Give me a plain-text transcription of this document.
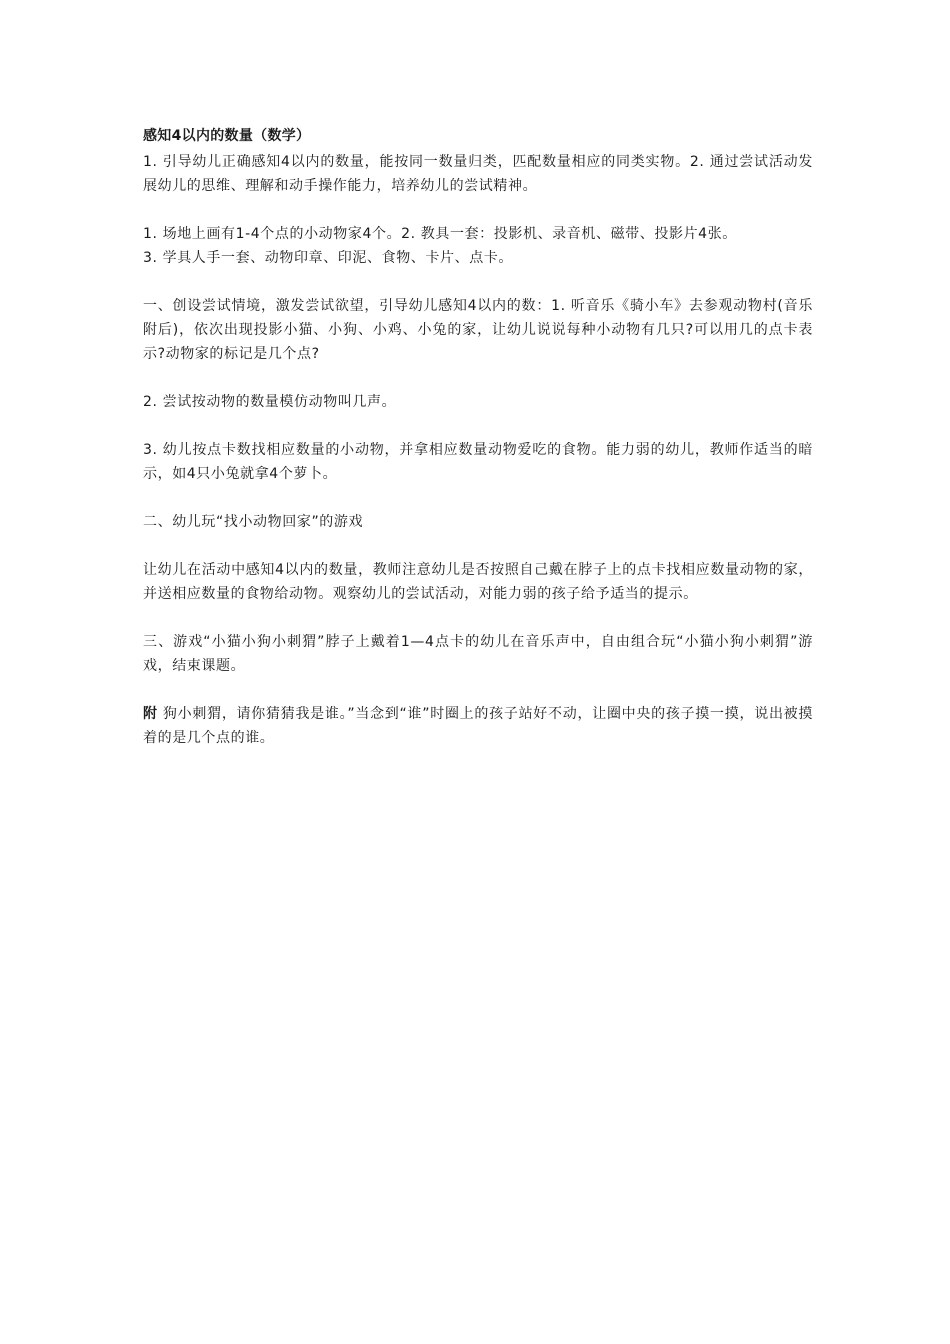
感知4以内的数量（数学）

1. 引导幼儿正确感知4以内的数量，能按同一数量归类，匹配数量相应的同类实物。2. 通过尝试活动发展幼儿的思维、理解和动手操作能力，培养幼儿的尝试精神。

1. 场地上画有1-4个点的小动物家4个。2. 教具一套：投影机、录音机、磁带、投影片4张。

3. 学具人手一套、动物印章、印泥、食物、卡片、点卡。

一、创设尝试情境，激发尝试欲望，引导幼儿感知4以内的数：1. 听音乐《骑小车》去参观动物村(音乐附后)，依次出现投影小猫、小狗、小鸡、小兔的家，让幼儿说说每种小动物有几只?可以用几的点卡表示?动物家的标记是几个点?

2. 尝试按动物的数量模仿动物叫几声。

3. 幼儿按点卡数找相应数量的小动物，并拿相应数量动物爱吃的食物。能力弱的幼儿，教师作适当的暗示，如4只小兔就拿4个萝卜。

二、幼儿玩“找小动物回家”的游戏

让幼儿在活动中感知4以内的数量，教师注意幼儿是否按照自己戴在脖子上的点卡找相应数量动物的家，并送相应数量的食物给动物。观察幼儿的尝试活动，对能力弱的孩子给予适当的提示。

三、游戏“小猫小狗小刺猬”脖子上戴着1—4点卡的幼儿在音乐声中，自由组合玩“小猫小狗小刺猬”游戏，结束课题。

附 狗小刺猬，请你猜猜我是谁。”当念到“谁”时圈上的孩子站好不动，让圈中央的孩子摸一摸，说出被摸着的是几个点的谁。
